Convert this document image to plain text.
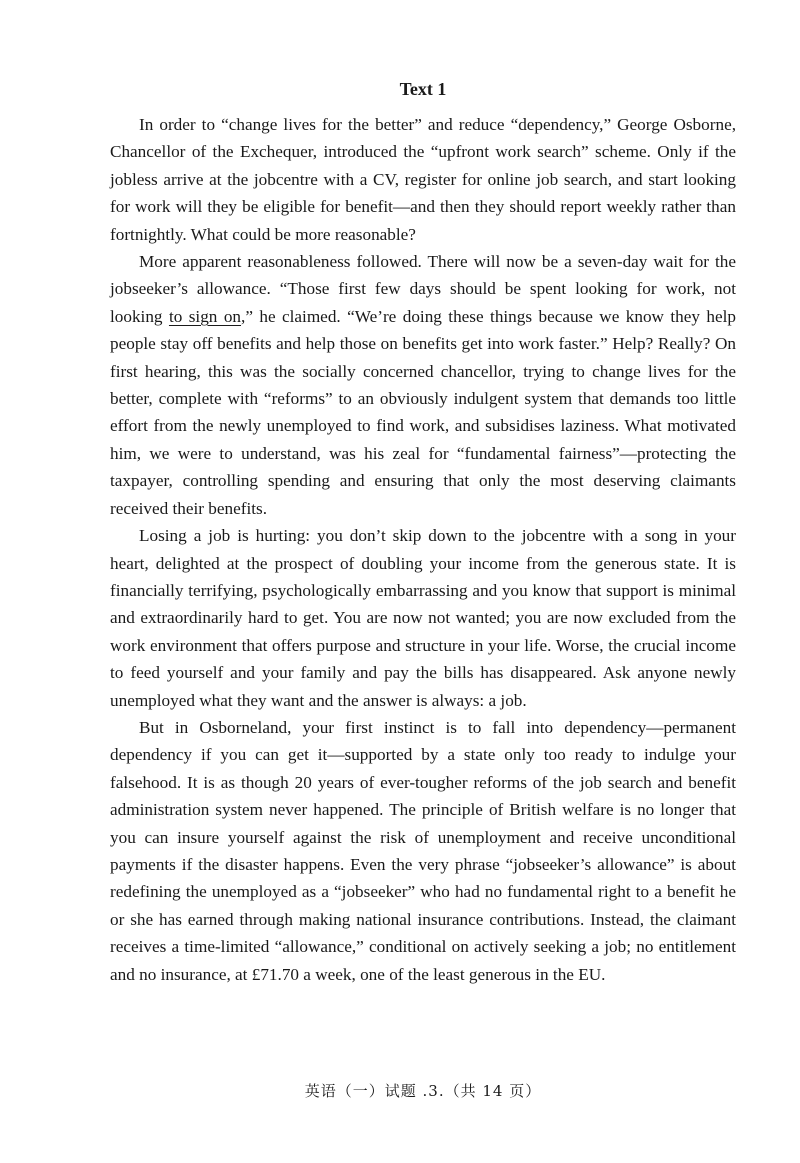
Text 1

In order to “change lives for the better” and reduce “dependency,” George Osborne, Chancellor of the Exchequer, introduced the “upfront work search” scheme. Only if the jobless arrive at the jobcentre with a CV, register for online job search, and start looking for work will they be eligible for benefit—and then they should report weekly rather than fortnightly. What could be more reasonable?

More apparent reasonableness followed. There will now be a seven-day wait for the jobseeker’s allowance. “Those first few days should be spent looking for work, not looking to sign on,” he claimed. “We’re doing these things because we know they help people stay off benefits and help those on benefits get into work faster.” Help? Really? On first hearing, this was the socially concerned chancellor, trying to change lives for the better, complete with “reforms” to an obviously indulgent system that demands too little effort from the newly unemployed to find work, and subsidises laziness. What motivated him, we were to understand, was his zeal for “fundamental fairness”—protecting the taxpayer, controlling spending and ensuring that only the most deserving claimants received their benefits.

Losing a job is hurting: you don’t skip down to the jobcentre with a song in your heart, delighted at the prospect of doubling your income from the generous state. It is financially terrifying, psychologically embarrassing and you know that support is minimal and extraordinarily hard to get. You are now not wanted; you are now excluded from the work environment that offers purpose and structure in your life. Worse, the crucial income to feed yourself and your family and pay the bills has disappeared. Ask anyone newly unemployed what they want and the answer is always: a job.

But in Osborneland, your first instinct is to fall into dependency—permanent dependency if you can get it—supported by a state only too ready to indulge your falsehood. It is as though 20 years of ever-tougher reforms of the job search and benefit administration system never happened. The principle of British welfare is no longer that you can insure yourself against the risk of unemployment and receive unconditional payments if the disaster happens. Even the very phrase “jobseeker’s allowance” is about redefining the unemployed as a “jobseeker” who had no fundamental right to a benefit he or she has earned through making national insurance contributions. Instead, the claimant receives a time-limited “allowance,” conditional on actively seeking a job; no entitlement and no insurance, at £71.70 a week, one of the least generous in the EU.

英语（一）试题 .3.（共 14 页）
